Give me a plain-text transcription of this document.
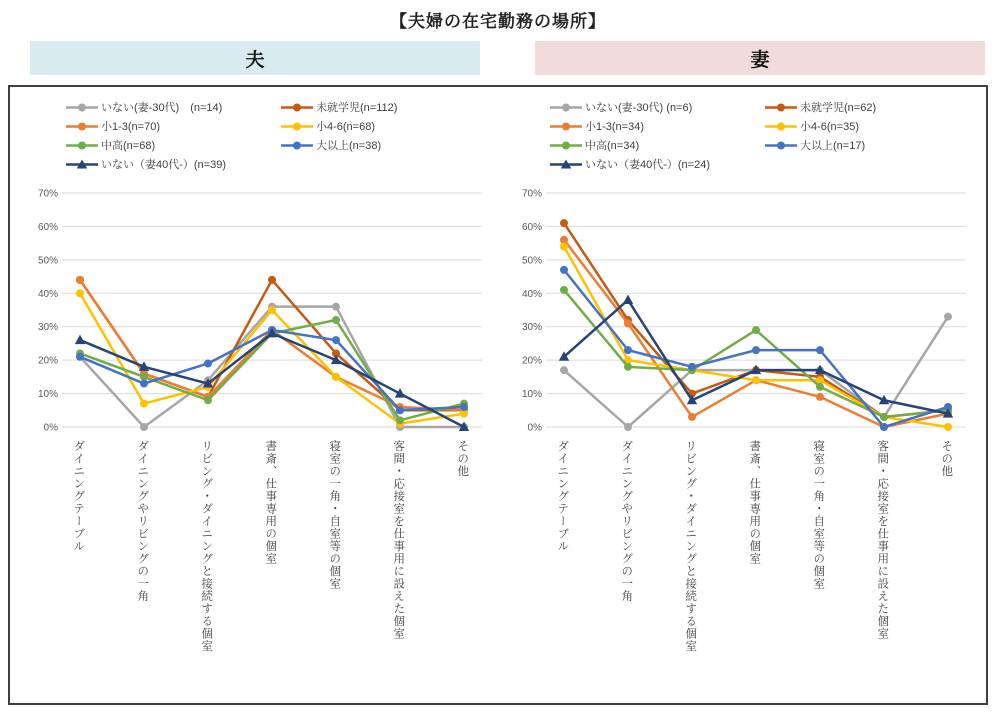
【夫婦の在宅勤務の場所】
夫	妻
いない(妻-30代)　(n=14)	未就学児(n=112)
小1-3(n=70)	小4-6(n=68)
中高(n=68)	大以上(n=38)
いない（妻40代-）(n=39)
0%
10%
20%
30%
40%
50%
60%
70%
ダイニングテーブル	ダイニングやリビングの一角	リビング・ダイニングと接続する個室	書斎、仕事専用の個室	寝室の一角・自室等の個室	客間・応接室を仕事用に設えた個室	その他
いない(妻-30代) (n=6)	未就学児(n=62)
小1-3(n=34)	小4-6(n=35)
中高(n=34)	大以上(n=17)
いない（妻40代-）(n=24)
0%
10%
20%
30%
40%
50%
60%
70%
ダイニングテーブル	ダイニングやリビングの一角	リビング・ダイニングと接続する個室	書斎、仕事専用の個室	寝室の一角・自室等の個室	客間・応接室を仕事用に設えた個室	その他
